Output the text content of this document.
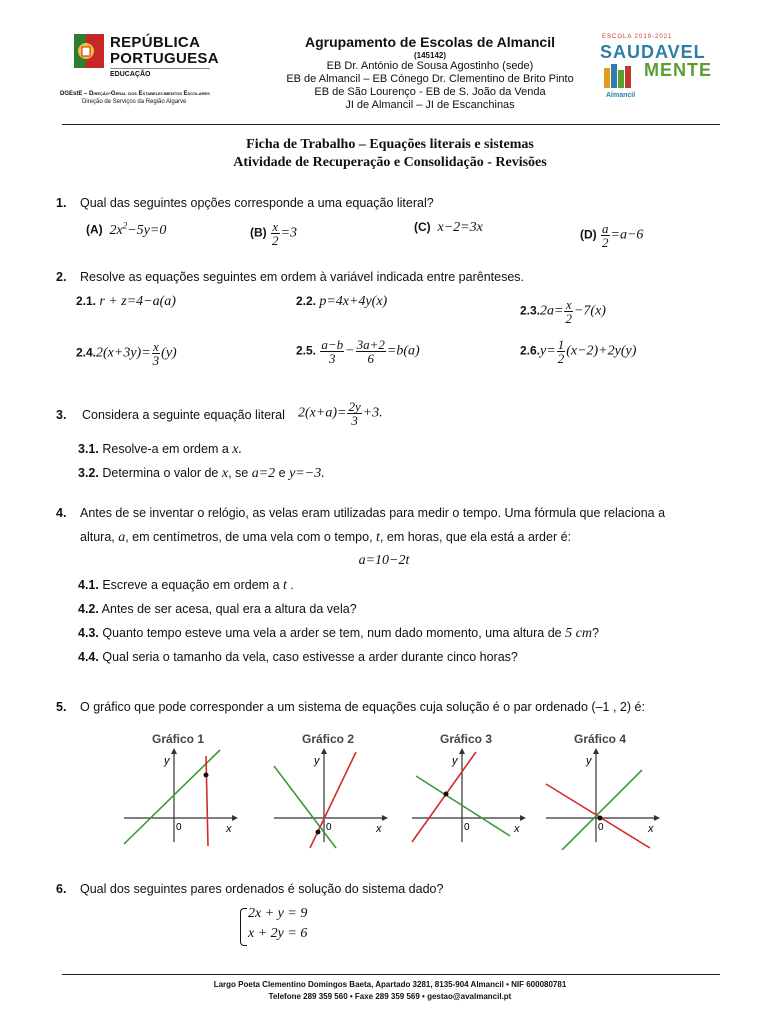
REPÚBLICA
PORTUGUESA
EDUCAÇÃO
DGEstE – Direção-Geral dos Estabelecimentos Escolares
Direção de Serviços da Região Algarve
Agrupamento de Escolas de Almancil
(145142)
EB Dr. António de Sousa Agostinho (sede)
EB de Almancil – EB Cónego Dr. Clementino de Brito Pinto
EB de São Lourenço - EB de S. João da Venda
JI de Almancil – JI de Escanchinas
ESCOLA 2019-2021
SAUDAVEL
MENTE
Almancil
Ficha de Trabalho – Equações literais e sistemas
Atividade de Recuperação e Consolidação - Revisões
1. Qual das seguintes opções corresponde a uma equação literal?
(A)  $2x^2-5y=0$	$(B) \frac{x}{2} =3$	(C)  x−2=3x	$(D) \frac{a}{2} =a-6$
2. Resolve as equações seguintes em ordem à variável indicada entre parênteses.
2.1. r + z=4−a(a)	2.2. p=4x+4y(x)
$2.3.2a= \frac{x}{2} -7(x)$
$2.4.2(x+3y)= \frac{x}{3} (y)$	2.5. $\frac{a-b}{3} - \frac{3a+2}{6} =b(a)$	$2.6.y= \frac{1}{2} (x-2)+2y(y)$
3. Considera a seguinte equação literal $2(x+a)= \frac{2y}{3} +3$.
3.1. Resolve-a em ordem a x.
3.2. Determina o valor de x, se a=2 e y=−3.
4. Antes de se inventar o relógio, as velas eram utilizadas para medir o tempo. Uma fórmula que relaciona a
altura, a, em centímetros, de uma vela com o tempo, t, em horas, que ela está a arder é:
a=10−2t
4.1. Escreve a equação em ordem a t .
4.2. Antes de ser acesa, qual era a altura da vela?
4.3. Quanto tempo esteve uma vela a arder se tem, num dado momento, uma altura de 5 cm?
4.4. Qual seria o tamanho da vela, caso estivesse a arder durante cinco horas?
5. O gráfico que pode corresponder a um sistema de equações cuja solução é o par ordenado (–1 , 2) é:
Gráfico 1
y
x
0
Gráfico 2
y
x
0
Gráfico 3
y
x
0
Gráfico 4
y
x
0
6. Qual dos seguintes pares ordenados é solução do sistema dado?
2x + y = 9
x + 2y = 6
Largo Poeta Clementino Domingos Baeta, Apartado 3281, 8135-904 Almancil • NIF 600080781
Telefone 289 359 560 • Faxe 289 359 569 • gestao@avalmancil.pt
